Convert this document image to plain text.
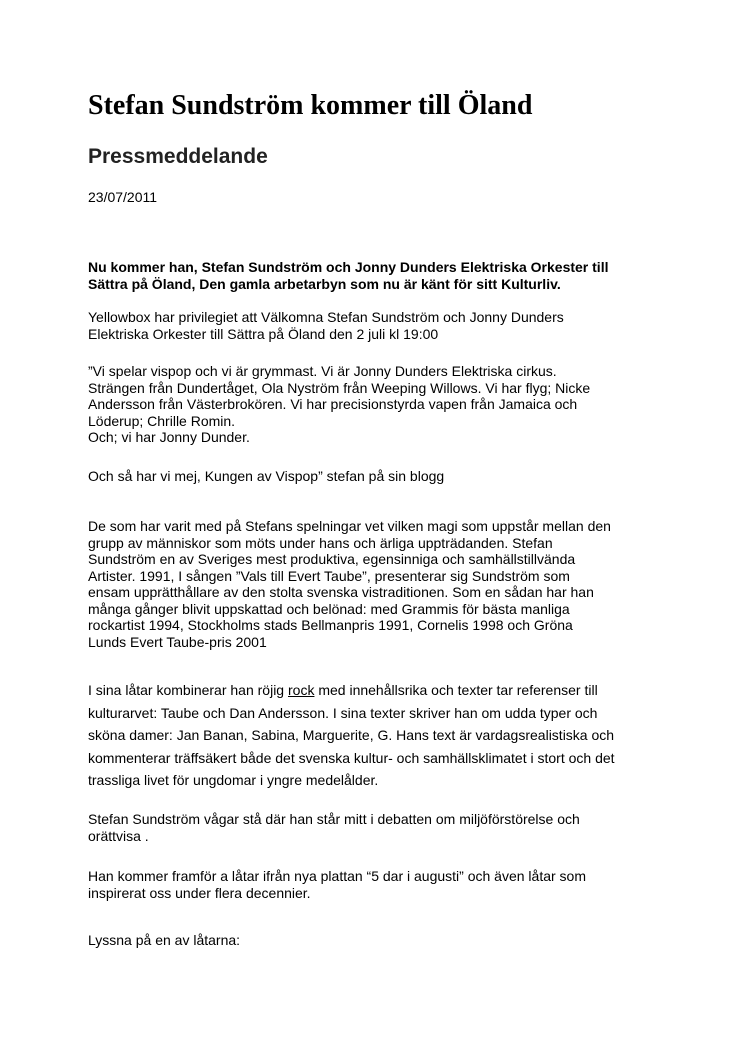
Stefan Sundström kommer till Öland
Pressmeddelande
23/07/2011

Nu kommer han, Stefan Sundström och Jonny Dunders Elektriska Orkester till
Sättra på Öland, Den gamla arbetarbyn som nu är känt för sitt Kulturliv.

Yellowbox har privilegiet att Välkomna Stefan Sundström och Jonny Dunders
Elektriska Orkester till Sättra på Öland den 2 juli kl 19:00

”Vi spelar vispop och vi är grymmast. Vi är Jonny Dunders Elektriska cirkus.
Strängen från Dundertåget, Ola Nyström från Weeping Willows. Vi har flyg; Nicke
Andersson från Västerbrokören. Vi har precisionstyrda vapen från Jamaica och
Löderup; Chrille Romin.
Och; vi har Jonny Dunder.

Och så har vi mej, Kungen av Vispop” stefan på sin blogg

De som har varit med på Stefans spelningar vet vilken magi som uppstår mellan den
grupp av människor som möts under hans och ärliga uppträdanden. Stefan
Sundström en av Sveriges mest produktiva, egensinniga och samhällstillvända
Artister. 1991, I sången ”Vals till Evert Taube”, presenterar sig Sundström som
ensam upprätthållare av den stolta svenska vistraditionen. Som en sådan har han
många gånger blivit uppskattad och belönad: med Grammis för bästa manliga
rockartist 1994, Stockholms stads Bellmanpris 1991, Cornelis 1998 och Gröna
Lunds Evert Taube-pris 2001

I sina låtar kombinerar han röjig rock med innehållsrika och texter tar referenser till
kulturarvet: Taube och Dan Andersson. I sina texter skriver han om udda typer och
sköna damer: Jan Banan, Sabina, Marguerite, G. Hans text är vardagsrealistiska och
kommenterar träffsäkert både det svenska kultur- och samhällsklimatet i stort och det
trassliga livet för ungdomar i yngre medelålder.

Stefan Sundström vågar stå där han står mitt i debatten om miljöförstörelse och
orättvisa .

Han kommer framför a låtar ifrån nya plattan “5 dar i augusti” och även låtar som
inspirerat oss under flera decennier.

Lyssna på en av låtarna:
